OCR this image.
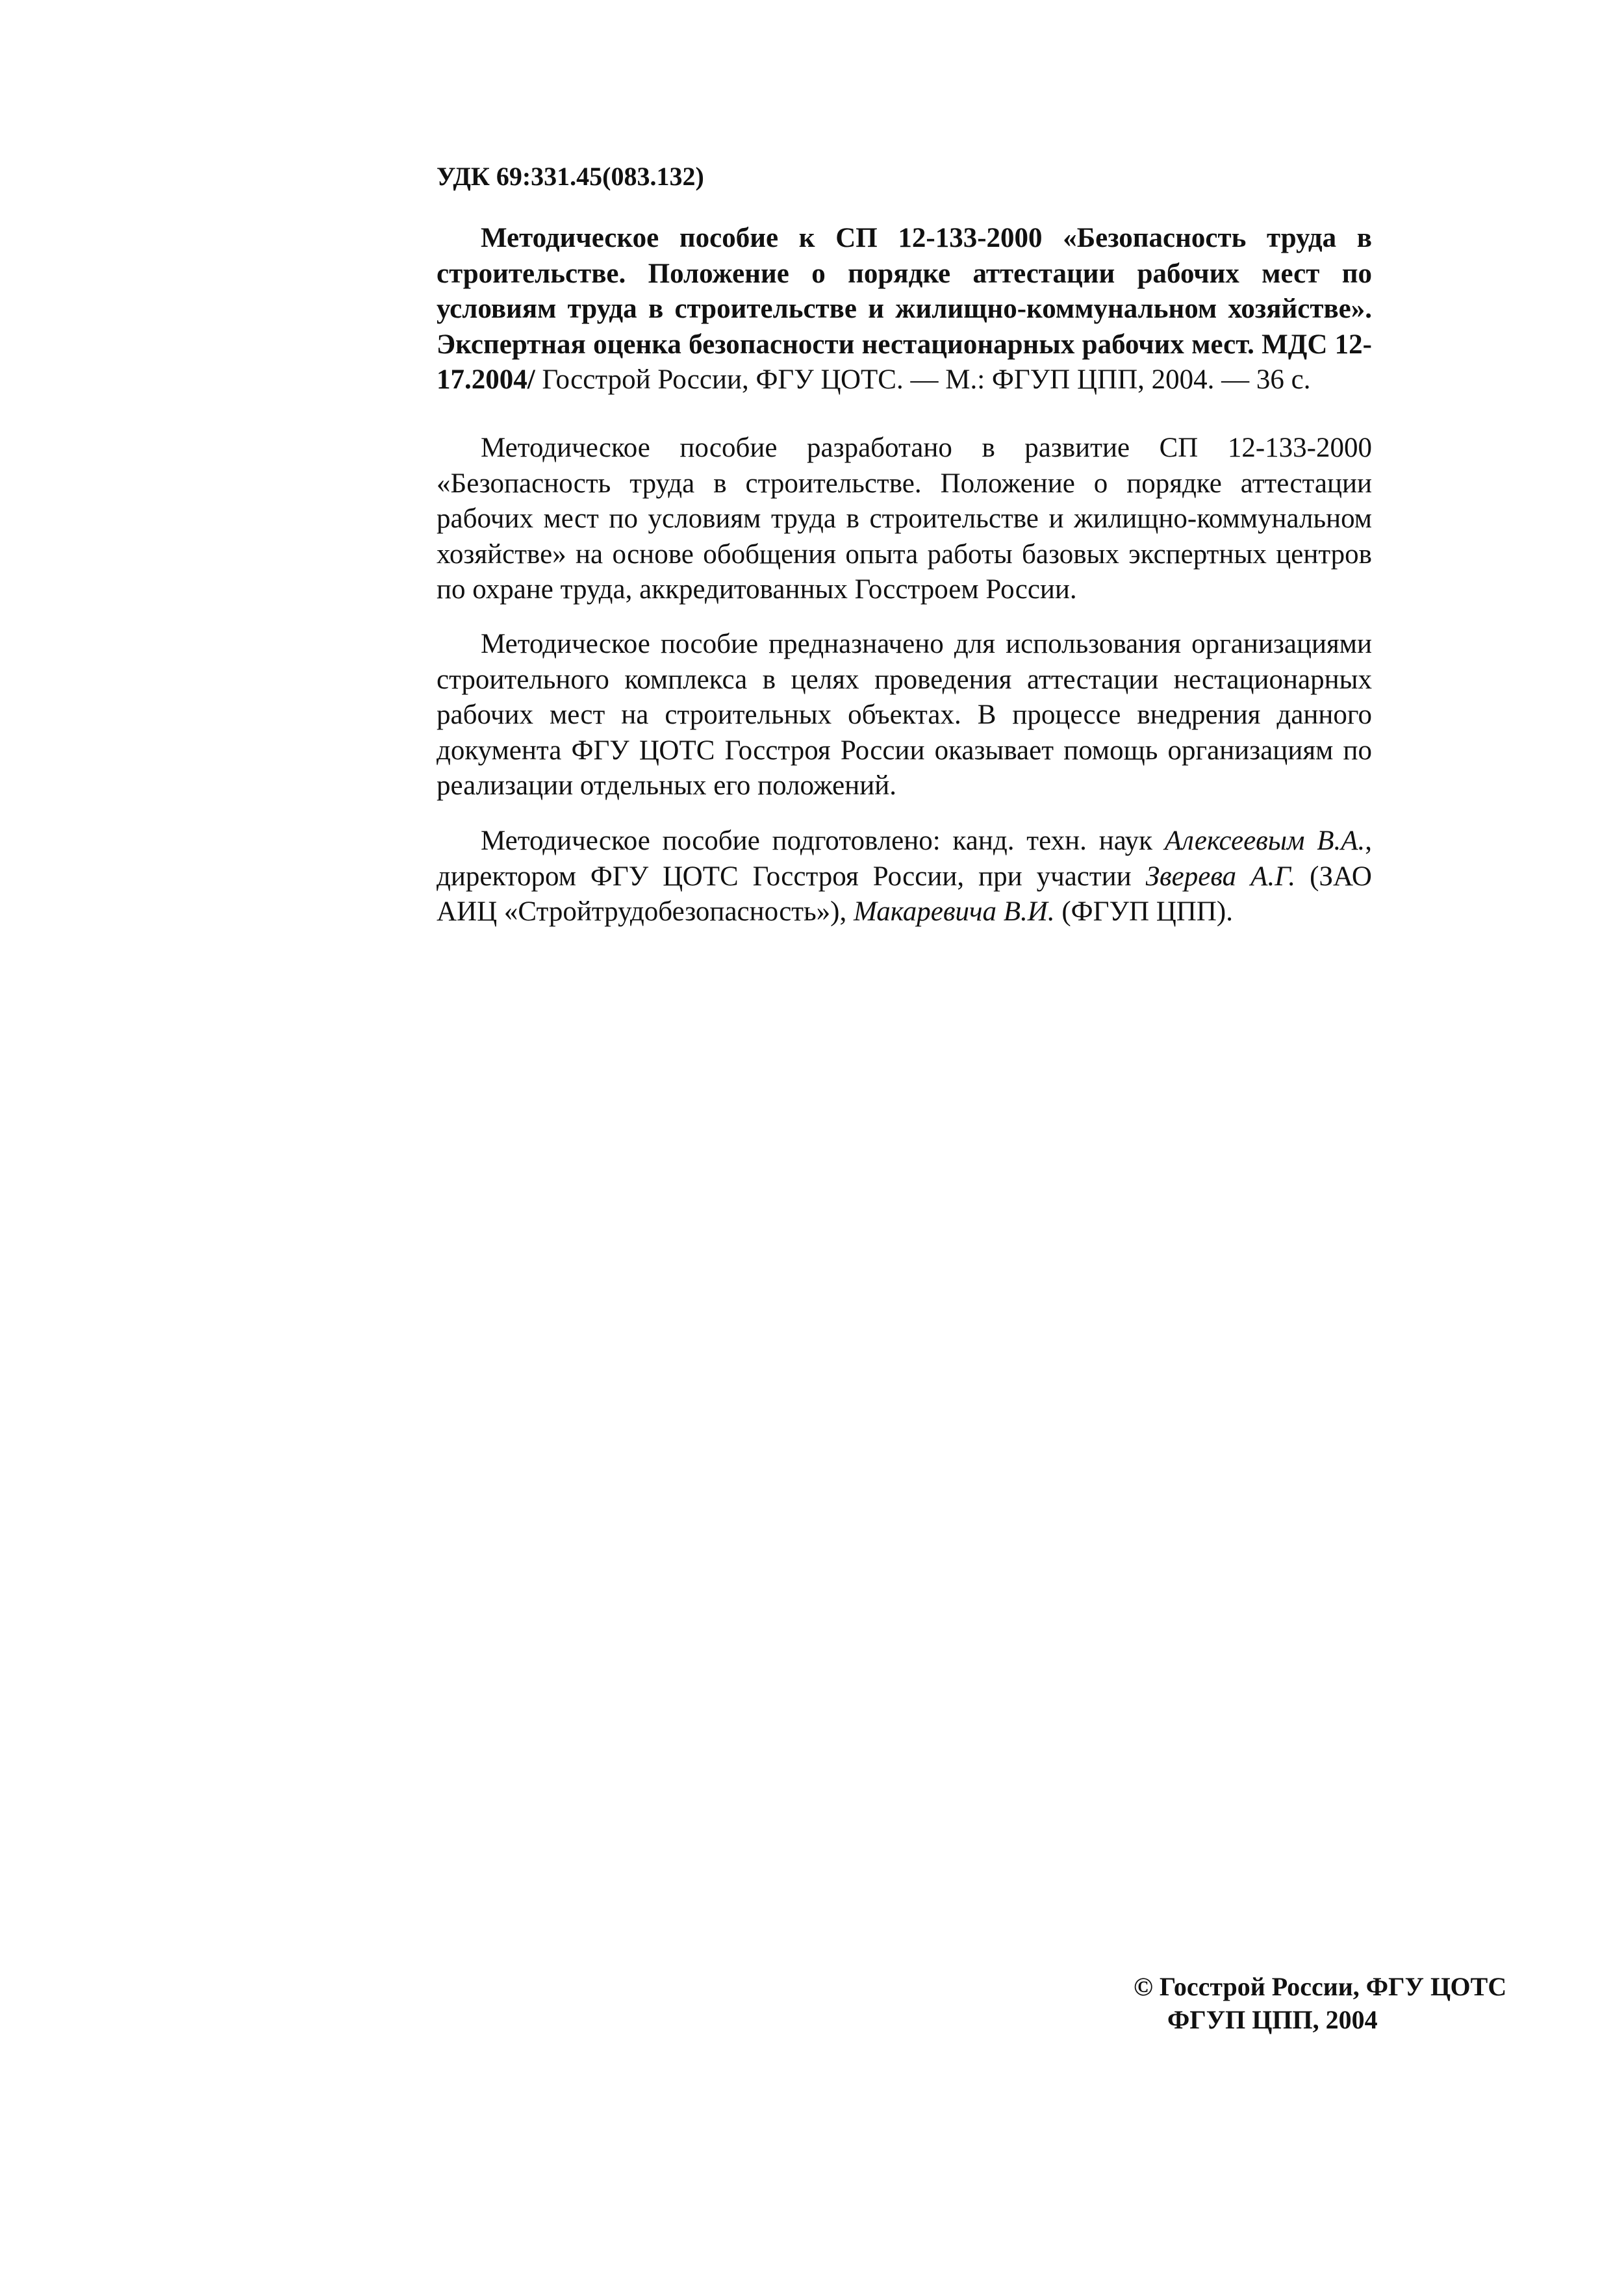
УДК 69:331.45(083.132)
Методическое пособие к СП 12-133-2000 «Безопасность труда в строительстве. Положение о порядке аттестации рабочих мест по условиям труда в строительстве и жилищно-коммунальном хозяйстве». Экспертная оценка безопасности нестационарных рабочих мест. МДС 12-17.2004/ Госстрой России, ФГУ ЦОТС. — М.: ФГУП ЦПП, 2004. — 36 с.
Методическое пособие разработано в развитие СП 12-133-2000 «Безопасность труда в строительстве. Положение о порядке аттестации рабочих мест по условиям труда в строительстве и жилищно-коммунальном хозяйстве» на основе обобщения опыта работы базовых экспертных центров по охране труда, аккредитованных Госстроем России.
Методическое пособие предназначено для использования организациями строительного комплекса в целях проведения аттестации нестационарных рабочих мест на строительных объектах. В процессе внедрения данного документа ФГУ ЦОТС Госстроя России оказывает помощь организациям по реализации отдельных его положений.
Методическое пособие подготовлено: канд. техн. наук Алексеевым В.А., директором ФГУ ЦОТС Госстроя России, при участии Зверева А.Г. (ЗАО АИЦ «Стройтрудобезопасность»), Макаревича В.И. (ФГУП ЦПП).
© Госстрой России, ФГУ ЦОТС
ФГУП ЦПП, 2004
